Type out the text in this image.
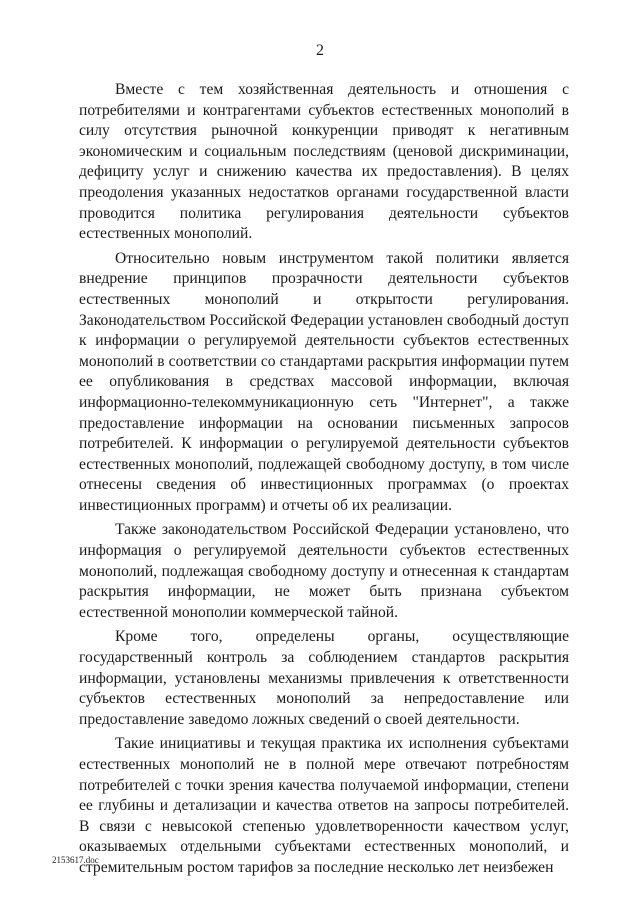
2

Вместе с тем хозяйственная деятельность и отношения с потребителями и контрагентами субъектов естественных монополий в силу отсутствия рыночной конкуренции приводят к негативным экономическим и социальным последствиям (ценовой дискриминации, дефициту услуг и снижению качества их предоставления). В целях преодоления указанных недостатков органами государственной власти проводится политика регулирования деятельности субъектов естественных монополий.

Относительно новым инструментом такой политики является внедрение принципов прозрачности деятельности субъектов естественных монополий и открытости регулирования. Законодательством Российской Федерации установлен свободный доступ к информации о регулируемой деятельности субъектов естественных монополий в соответствии со стандартами раскрытия информации путем ее опубликования в средствах массовой информации, включая информационно-телекоммуникационную сеть "Интернет", а также предоставление информации на основании письменных запросов потребителей. К информации о регулируемой деятельности субъектов естественных монополий, подлежащей свободному доступу, в том числе отнесены сведения об инвестиционных программах (о проектах инвестиционных программ) и отчеты об их реализации.

Также законодательством Российской Федерации установлено, что информация о регулируемой деятельности субъектов естественных монополий, подлежащая свободному доступу и отнесенная к стандартам раскрытия информации, не может быть признана субъектом естественной монополии коммерческой тайной.

Кроме того, определены органы, осуществляющие государственный контроль за соблюдением стандартов раскрытия информации, установлены механизмы привлечения к ответственности субъектов естественных монополий за непредоставление или предоставление заведомо ложных сведений о своей деятельности.

Такие инициативы и текущая практика их исполнения субъектами естественных монополий не в полной мере отвечают потребностям потребителей с точки зрения качества получаемой информации, степени ее глубины и детализации и качества ответов на запросы потребителей. В связи с невысокой степенью удовлетворенности качеством услуг, оказываемых отдельными субъектами естественных монополий, и стремительным ростом тарифов за последние несколько лет неизбежен

2153617.doc
